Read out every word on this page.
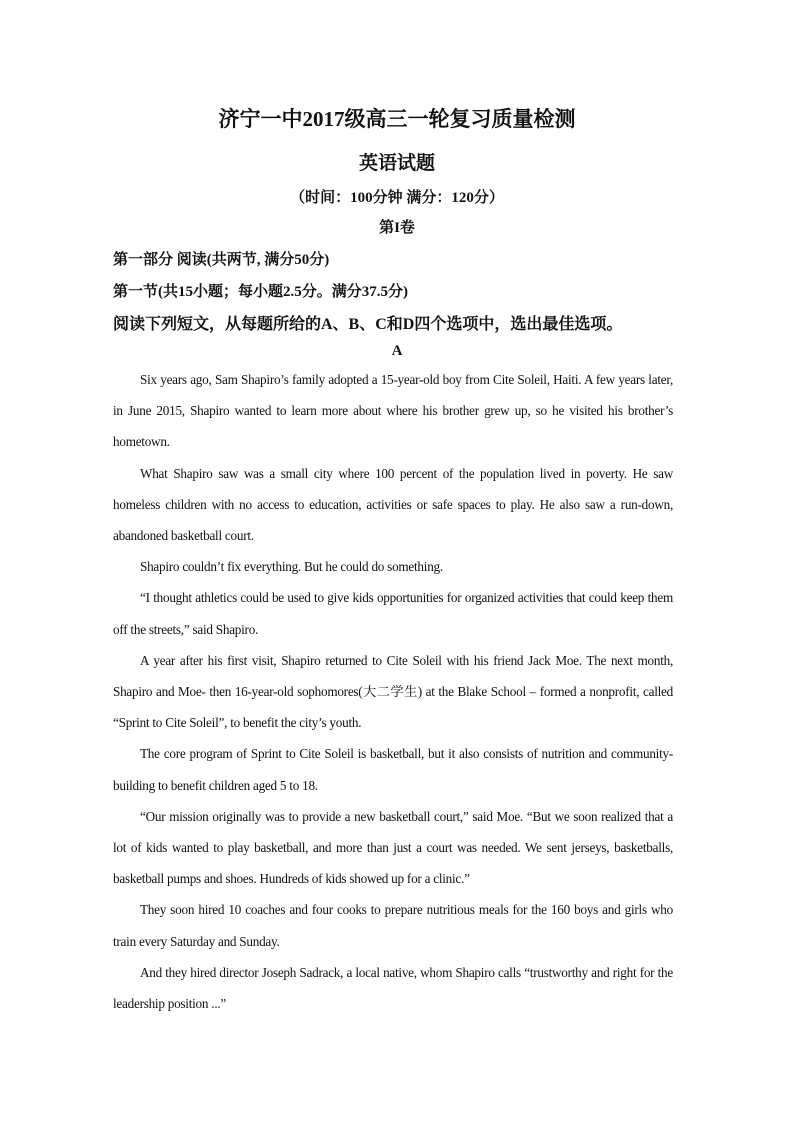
济宁一中2017级高三一轮复习质量检测
英语试题
（时间：100分钟 满分：120分）
第I卷
第一部分 阅读(共两节, 满分50分)
第一节(共15小题；每小题2.5分。满分37.5分)
阅读下列短文，从每题所给的A、B、C和D四个选项中，选出最佳选项。
A

Six years ago, Sam Shapiro’s family adopted a 15-year-old boy from Cite Soleil, Haiti. A few years later, in June 2015, Shapiro wanted to learn more about where his brother grew up, so he visited his brother’s hometown.

What Shapiro saw was a small city where 100 percent of the population lived in poverty. He saw homeless children with no access to education, activities or safe spaces to play. He also saw a run-down, abandoned basketball court.

Shapiro couldn’t fix everything. But he could do something.

“I thought athletics could be used to give kids opportunities for organized activities that could keep them off the streets,” said Shapiro.

A year after his first visit, Shapiro returned to Cite Soleil with his friend Jack Moe. The next month, Shapiro and Moe- then 16-year-old sophomores(大二学生) at the Blake School – formed a nonprofit, called “Sprint to Cite Soleil”, to benefit the city’s youth.

The core program of Sprint to Cite Soleil is basketball, but it also consists of nutrition and community-building to benefit children aged 5 to 18.

“Our mission originally was to provide a new basketball court,” said Moe. “But we soon realized that a lot of kids wanted to play basketball, and more than just a court was needed. We sent jerseys, basketballs, basketball pumps and shoes. Hundreds of kids showed up for a clinic.”

They soon hired 10 coaches and four cooks to prepare nutritious meals for the 160 boys and girls who train every Saturday and Sunday.

And they hired director Joseph Sadrack, a local native, whom Shapiro calls “trustworthy and right for the leadership position ...”
